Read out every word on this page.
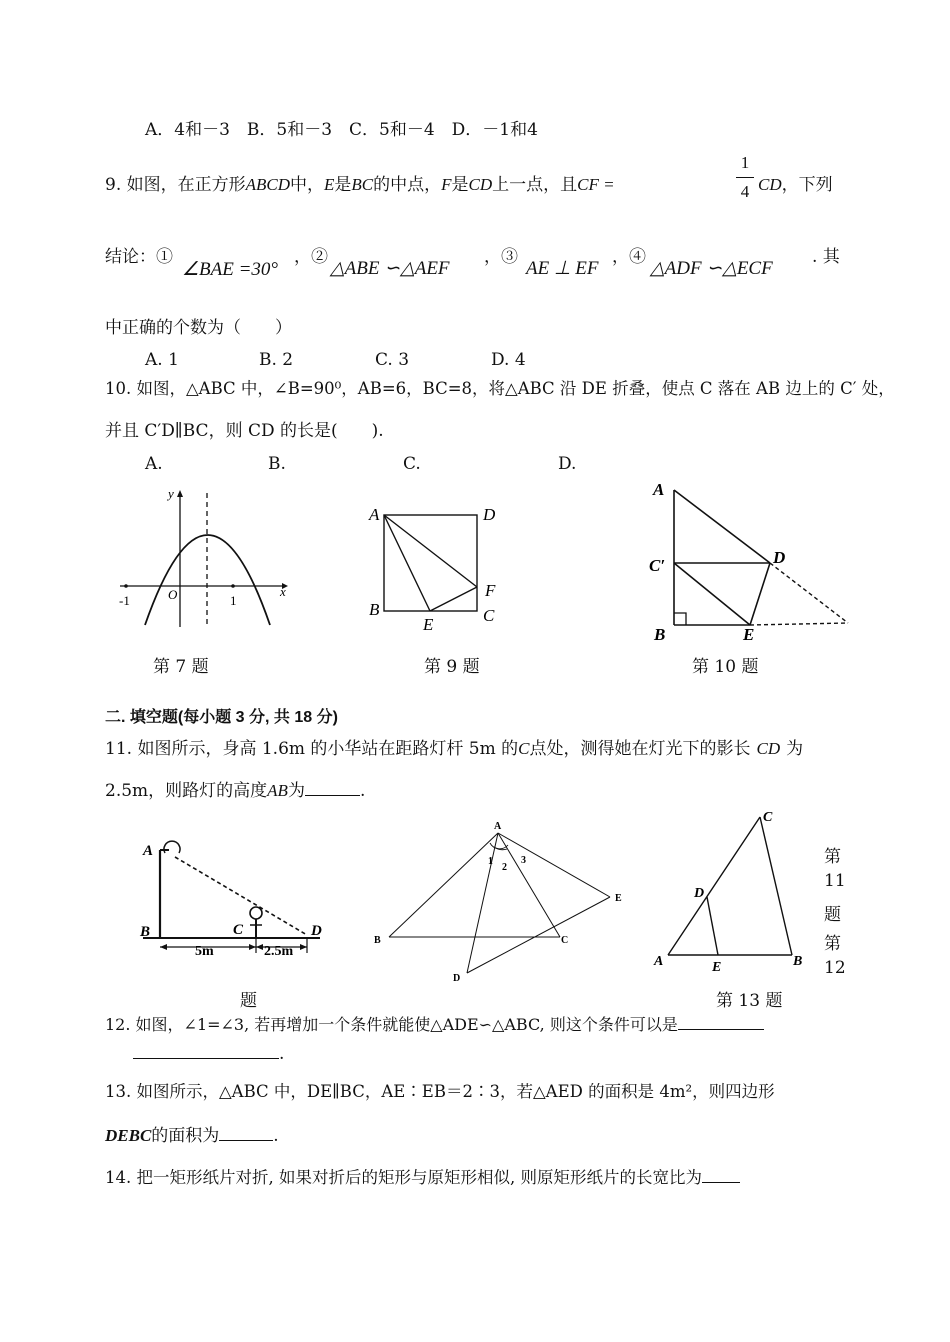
A．4和－3　B．5和－3　C．5和－4　D．－1和4
9. 如图，在正方形ABCD中，E是BC的中点，F是CD上一点，且CF =
1
4 CD，下列
结论：①
∠BAE =30°
，②
△ABE ∽△AEF
，③
AE ⊥ EF
，④
△ADF ∽△ECF
. 其
中正确的个数为（　　）
A. 1	B. 2	C. 3	D. 4
10. 如图，△ABC 中，∠B=90⁰，AB=6，BC=8，将△ABC 沿 DE 折叠，使点 C 落在 AB 边上的 C′ 处，
并且 C′D∥BC，则 CD 的长是(　　).
A.	B.	C.	D.
y
x
-1	O	1
第 7 题
A	D
B	C
F
E
第 9 题
A
C′	D
B	E
第 10 题
二. 填空题(每小题 3 分, 共 18 分)
11. 如图所示，身高 1.6m 的小华站在距路灯杆 5m 的C点处，测得她在灯光下的影长 CD 为
2.5m，则路灯的高度AB为	.
A
B	C	D
5m	2.5m
题
A
B	C
D
E
1
2
3
A	B
C
D
E
第 13 题
第
11
题
第
12
12. 如图，∠1=∠3, 若再增加一个条件就能使△ADE∽△ABC, 则这个条件可以是
.
13. 如图所示，△ABC 中，DE∥BC，AE∶EB＝2∶3，若△AED 的面积是 4m²，则四边形
DEBC的面积为	.
14. 把一矩形纸片对折, 如果对折后的矩形与原矩形相似, 则原矩形纸片的长宽比为
